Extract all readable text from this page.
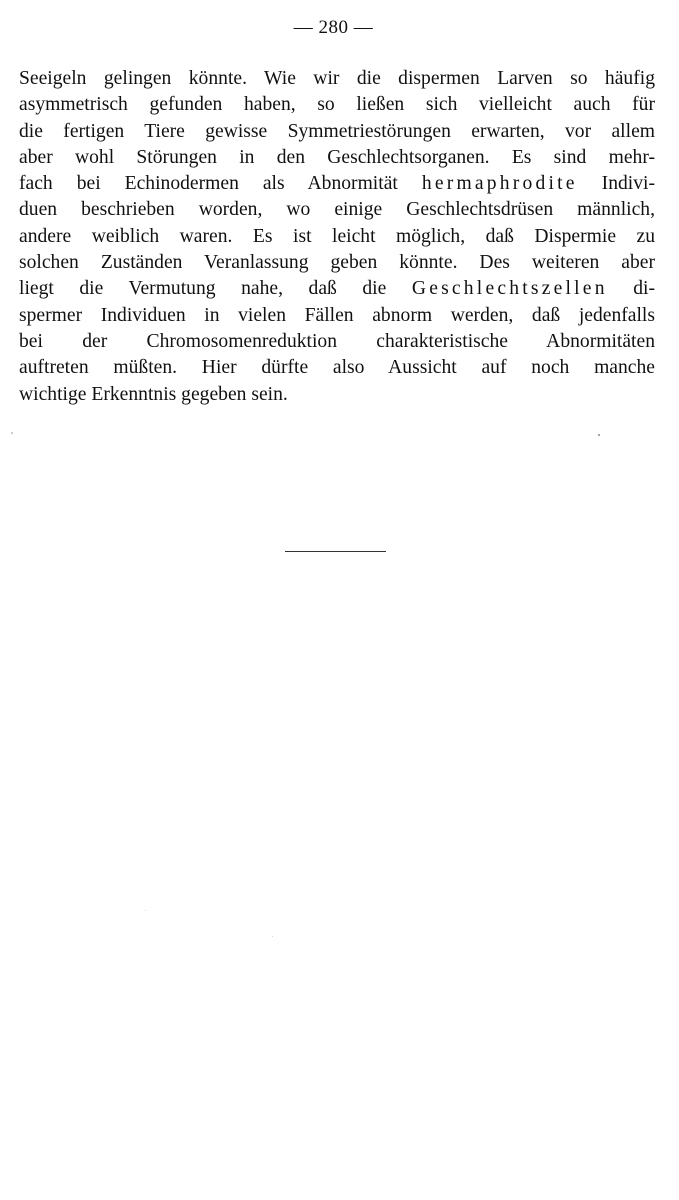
— 280 —
Seeigeln gelingen könnte. Wie wir die dispermen Larven so häufig
asymmetrisch gefunden haben, so ließen sich vielleicht auch für
die fertigen Tiere gewisse Symmetriestörungen erwarten, vor allem
aber wohl Störungen in den Geschlechtsorganen. Es sind mehr-
fach bei Echinodermen als Abnormität hermaphrodite Indivi-
duen beschrieben worden, wo einige Geschlechtsdrüsen männlich,
andere weiblich waren. Es ist leicht möglich, daß Dispermie zu
solchen Zuständen Veranlassung geben könnte. Des weiteren aber
liegt die Vermutung nahe, daß die Geschlechtszellen di-
spermer Individuen in vielen Fällen abnorm werden, daß jedenfalls
bei der Chromosomenreduktion charakteristische Abnormitäten
auftreten müßten. Hier dürfte also Aussicht auf noch manche
wichtige Erkenntnis gegeben sein.
